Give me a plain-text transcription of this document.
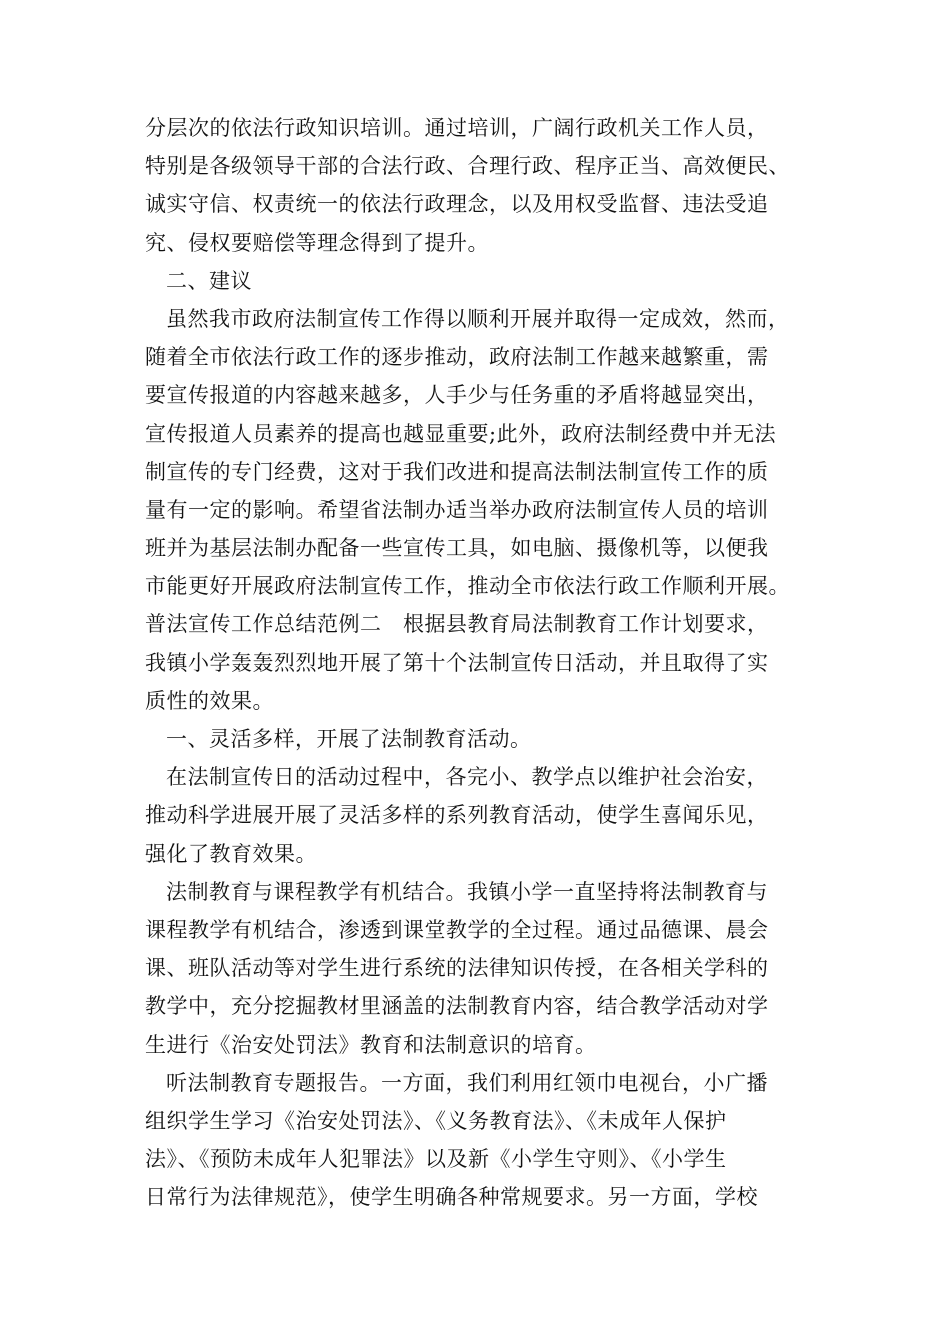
分层次的依法行政知识培训。通过培训，广阔行政机关工作人员，
特别是各级领导干部的合法行政、合理行政、程序正当、高效便民、
诚实守信、权责统一的依法行政理念，以及用权受监督、违法受追
究、侵权要赔偿等理念得到了提升。
二、建议
虽然我市政府法制宣传工作得以顺利开展并取得一定成效，然而，
随着全市依法行政工作的逐步推动，政府法制工作越来越繁重，需
要宣传报道的内容越来越多，人手少与任务重的矛盾将越显突出，
宣传报道人员素养的提高也越显重要;此外，政府法制经费中并无法
制宣传的专门经费，这对于我们改进和提高法制法制宣传工作的质
量有一定的影响。希望省法制办适当举办政府法制宣传人员的培训
班并为基层法制办配备一些宣传工具，如电脑、摄像机等，以便我
市能更好开展政府法制宣传工作，推动全市依法行政工作顺利开展。
普法宣传工作总结范例二　根据县教育局法制教育工作计划要求，
我镇小学轰轰烈烈地开展了第十个法制宣传日活动，并且取得了实
质性的效果。
一、灵活多样，开展了法制教育活动。
在法制宣传日的活动过程中，各完小、教学点以维护社会治安，
推动科学进展开展了灵活多样的系列教育活动，使学生喜闻乐见，
强化了教育效果。
法制教育与课程教学有机结合。我镇小学一直坚持将法制教育与
课程教学有机结合，渗透到课堂教学的全过程。通过品德课、晨会
课、班队活动等对学生进行系统的法律知识传授，在各相关学科的
教学中，充分挖掘教材里涵盖的法制教育内容，结合教学活动对学
生进行《治安处罚法》教育和法制意识的培育。
听法制教育专题报告。一方面，我们利用红领巾电视台，小广播
组织学生学习《治安处罚法》、《义务教育法》、《未成年人保护
法》、《预防未成年人犯罪法》以及新《小学生守则》、《小学生
日常行为法律规范》，使学生明确各种常规要求。另一方面，学校
